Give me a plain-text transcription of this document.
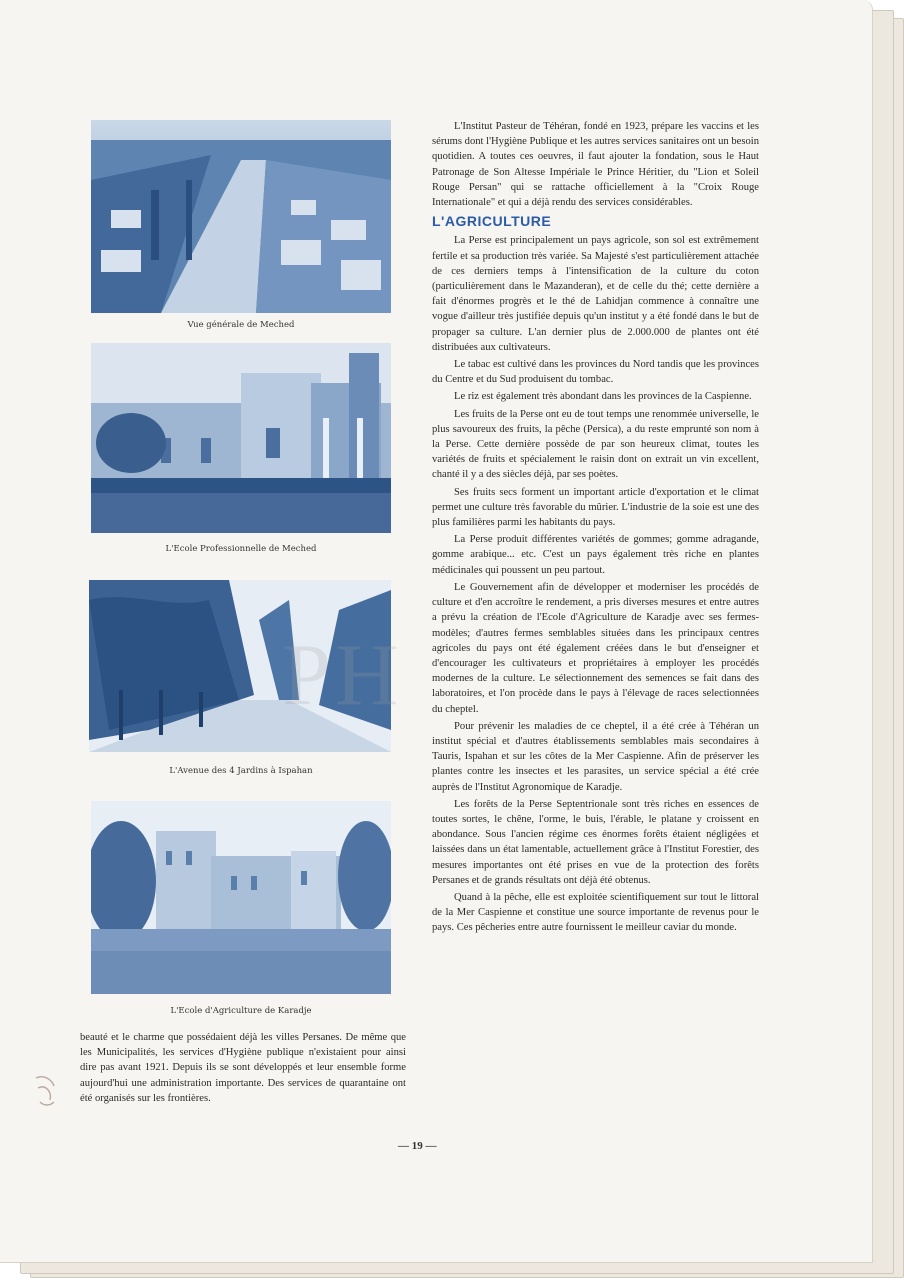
Vue générale de Meched
L'Ecole Professionnelle de Meched
L'Avenue des 4 Jardins à Ispahan
L'Ecole d'Agriculture de Karadje

beauté et le charme que possédaient déjà les villes Persanes. De même que les Municipalités, les services d'Hygiène publique n'existaient pour ainsi dire pas avant 1921. Depuis ils se sont développés et leur ensemble forme aujourd'hui une administration importante. Des services de quarantaine ont été organisés sur les frontières.

L'Institut Pasteur de Téhéran, fondé en 1923, prépare les vaccins et les sérums dont l'Hygiène Publique et les autres services sanitaires ont un besoin quotidien. A toutes ces oeuvres, il faut ajouter la fondation, sous le Haut Patronage de Son Altesse Impériale le Prince Héritier, du "Lion et Soleil Rouge Persan" qui se rattache officiellement à la "Croix Rouge Internationale" et qui a déjà rendu des services considérables.

L'AGRICULTURE

La Perse est principalement un pays agricole, son sol est extrêmement fertile et sa production très variée. Sa Majesté s'est particulièrement attachée de ces derniers temps à l'intensification de la culture du coton (particulièrement dans le Mazanderan), et de celle du thé; cette dernière a fait d'énormes progrès et le thé de Lahidjan commence à connaître une vogue d'ailleur très justifiée depuis qu'un institut y a été fondé dans le but de propager sa culture. L'an dernier plus de 2.000.000 de plantes ont été distribuées aux cultivateurs.

Le tabac est cultivé dans les provinces du Nord tandis que les provinces du Centre et du Sud produisent du tombac.

Le riz est également très abondant dans les provinces de la Caspienne.

Les fruits de la Perse ont eu de tout temps une renommée universelle, le plus savoureux des fruits, la pêche (Persica), a du reste emprunté son nom à la Perse. Cette dernière possède de par son heureux climat, toutes les variétés de fruits et spécialement le raisin dont on extrait un vin excellent, chanté il y a des siècles déjà, par ses poètes.

Ses fruits secs forment un important article d'exportation et le climat permet une culture très favorable du mûrier. L'industrie de la soie est une des plus familières parmi les habitants du pays.

La Perse produit différentes variétés de gommes; gomme adragande, gomme arabique... etc. C'est un pays également très riche en plantes médicinales qui poussent un peu partout.

Le Gouvernement afin de développer et moderniser les procédés de culture et d'en accroître le rendement, a pris diverses mesures et entre autres a prévu la création de l'Ecole d'Agriculture de Karadje avec ses fermes-modèles; d'autres fermes semblables situées dans les principaux centres agricoles du pays ont été également créées dans le but d'enseigner et d'encourager les cultivateurs et propriétaires à employer les procédés modernes de la culture. Le sélectionnement des semences se fait dans des laboratoires, et l'on procède dans le pays à l'élevage de races selectionnées du cheptel.

Pour prévenir les maladies de ce cheptel, il a été crée à Téhéran un institut spécial et d'autres établissements semblables mais secondaires à Tauris, Ispahan et sur les côtes de la Mer Caspienne. Afin de préserver les plantes contre les insectes et les parasites, un service spécial a été crée auprès de l'Institut Agronomique de Karadje.

Les forêts de la Perse Septentrionale sont très riches en essences de toutes sortes, le chêne, l'orme, le buis, l'érable, le platane y croissent en abondance. Sous l'ancien régime ces énormes forêts étaient négligées et laissées dans un état lamentable, actuellement grâce à l'Institut Forestier, des mesures importantes ont été prises en vue de la protection des forêts Persanes et de grands résultats ont déjà été obtenus.

Quand à la pêche, elle est exploitée scientifiquement sur tout le littoral de la Mer Caspienne et constitue une source importante de revenus pour le pays. Ces pêcheries entre autre fournissent le meilleur caviar du monde.

PH
— 19 —
